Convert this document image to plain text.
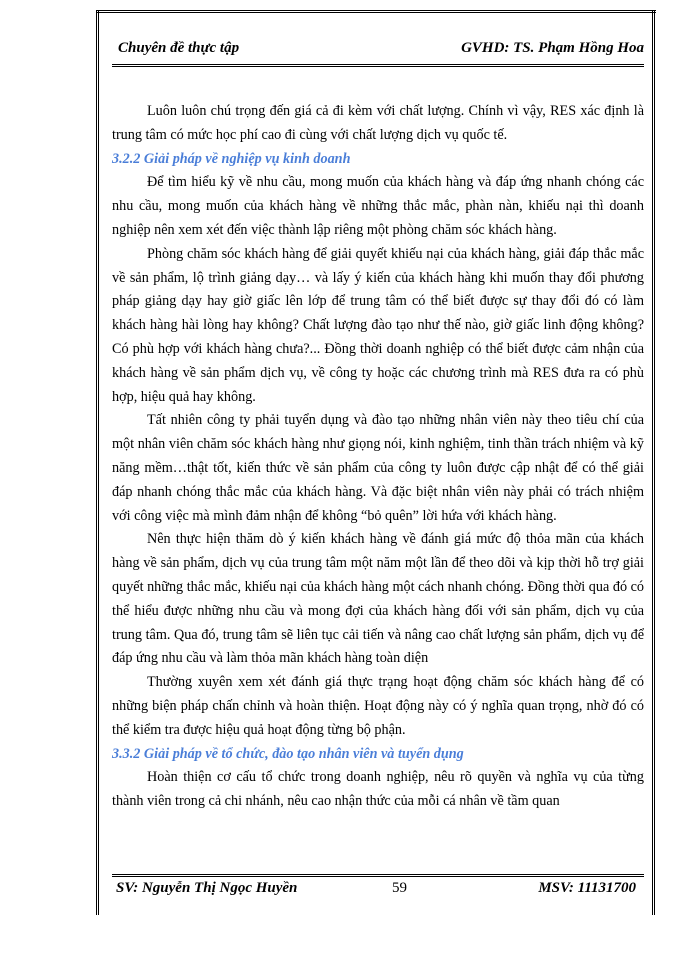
Chuyên đề thực tập	GVHD: TS. Phạm Hồng Hoa

Luôn luôn chú trọng đến giá cả đi kèm với chất lượng. Chính vì vậy, RES xác định là trung tâm có mức học phí cao đi cùng với chất lượng dịch vụ quốc tế.

3.2.2 Giải pháp về nghiệp vụ kinh doanh

Để tìm hiểu kỹ về nhu cầu, mong muốn của khách hàng và đáp ứng nhanh chóng các nhu cầu, mong muốn của khách hàng về những thắc mắc, phàn nàn, khiếu nại thì doanh nghiệp nên xem xét đến việc thành lập riêng một phòng chăm sóc khách hàng.

Phòng chăm sóc khách hàng để giải quyết khiếu nại của khách hàng, giải đáp thắc mắc về sản phẩm, lộ trình giảng dạy… và lấy ý kiến của khách hàng khi muốn thay đổi phương pháp giảng dạy hay giờ giấc lên lớp để trung tâm có thể biết được sự thay đổi đó có làm khách hàng hài lòng hay không? Chất lượng đào tạo như thế nào, giờ giấc linh động không? Có phù hợp với khách hàng chưa?... Đồng thời doanh nghiệp có thể biết được cảm nhận của khách hàng về sản phẩm dịch vụ, về công ty hoặc các chương trình mà RES đưa ra có phù hợp, hiệu quả hay không.

Tất nhiên công ty phải tuyển dụng và đào tạo những nhân viên này theo tiêu chí của một nhân viên chăm sóc khách hàng như giọng nói, kinh nghiệm, tinh thần trách nhiệm và kỹ năng mềm…thật tốt, kiến thức về sản phẩm của công ty luôn được cập nhật để có thể giải đáp nhanh chóng thắc mắc của khách hàng. Và đặc biệt nhân viên này phải có trách nhiệm với công việc mà mình đảm nhận để không “bỏ quên” lời hứa với khách hàng.

Nên thực hiện thăm dò ý kiến khách hàng về đánh giá mức độ thỏa mãn của khách hàng về sản phẩm, dịch vụ của trung tâm một năm một lần để theo dõi và kịp thời hỗ trợ giải quyết những thắc mắc, khiếu nại của khách hàng một cách nhanh chóng. Đồng thời qua đó có thể hiểu được những nhu cầu và mong đợi của khách hàng đối với sản phẩm, dịch vụ của trung tâm. Qua đó, trung tâm sẽ liên tục cải tiến và nâng cao chất lượng sản phẩm, dịch vụ để đáp ứng nhu cầu và làm thỏa mãn khách hàng toàn diện

Thường xuyên xem xét đánh giá thực trạng hoạt động chăm sóc khách hàng để có những biện pháp chấn chỉnh và hoàn thiện. Hoạt động này có ý nghĩa quan trọng, nhờ đó có thể kiểm tra được hiệu quả hoạt động từng bộ phận.

3.3.2 Giải pháp về tổ chức, đào tạo nhân viên và tuyển dụng

Hoàn thiện cơ cấu tổ chức trong doanh nghiệp, nêu rõ quyền và nghĩa vụ của từng thành viên trong cả chi nhánh, nêu cao nhận thức của mỗi cá nhân về tầm quan

SV: Nguyễn Thị Ngọc Huyền	59	MSV: 11131700
